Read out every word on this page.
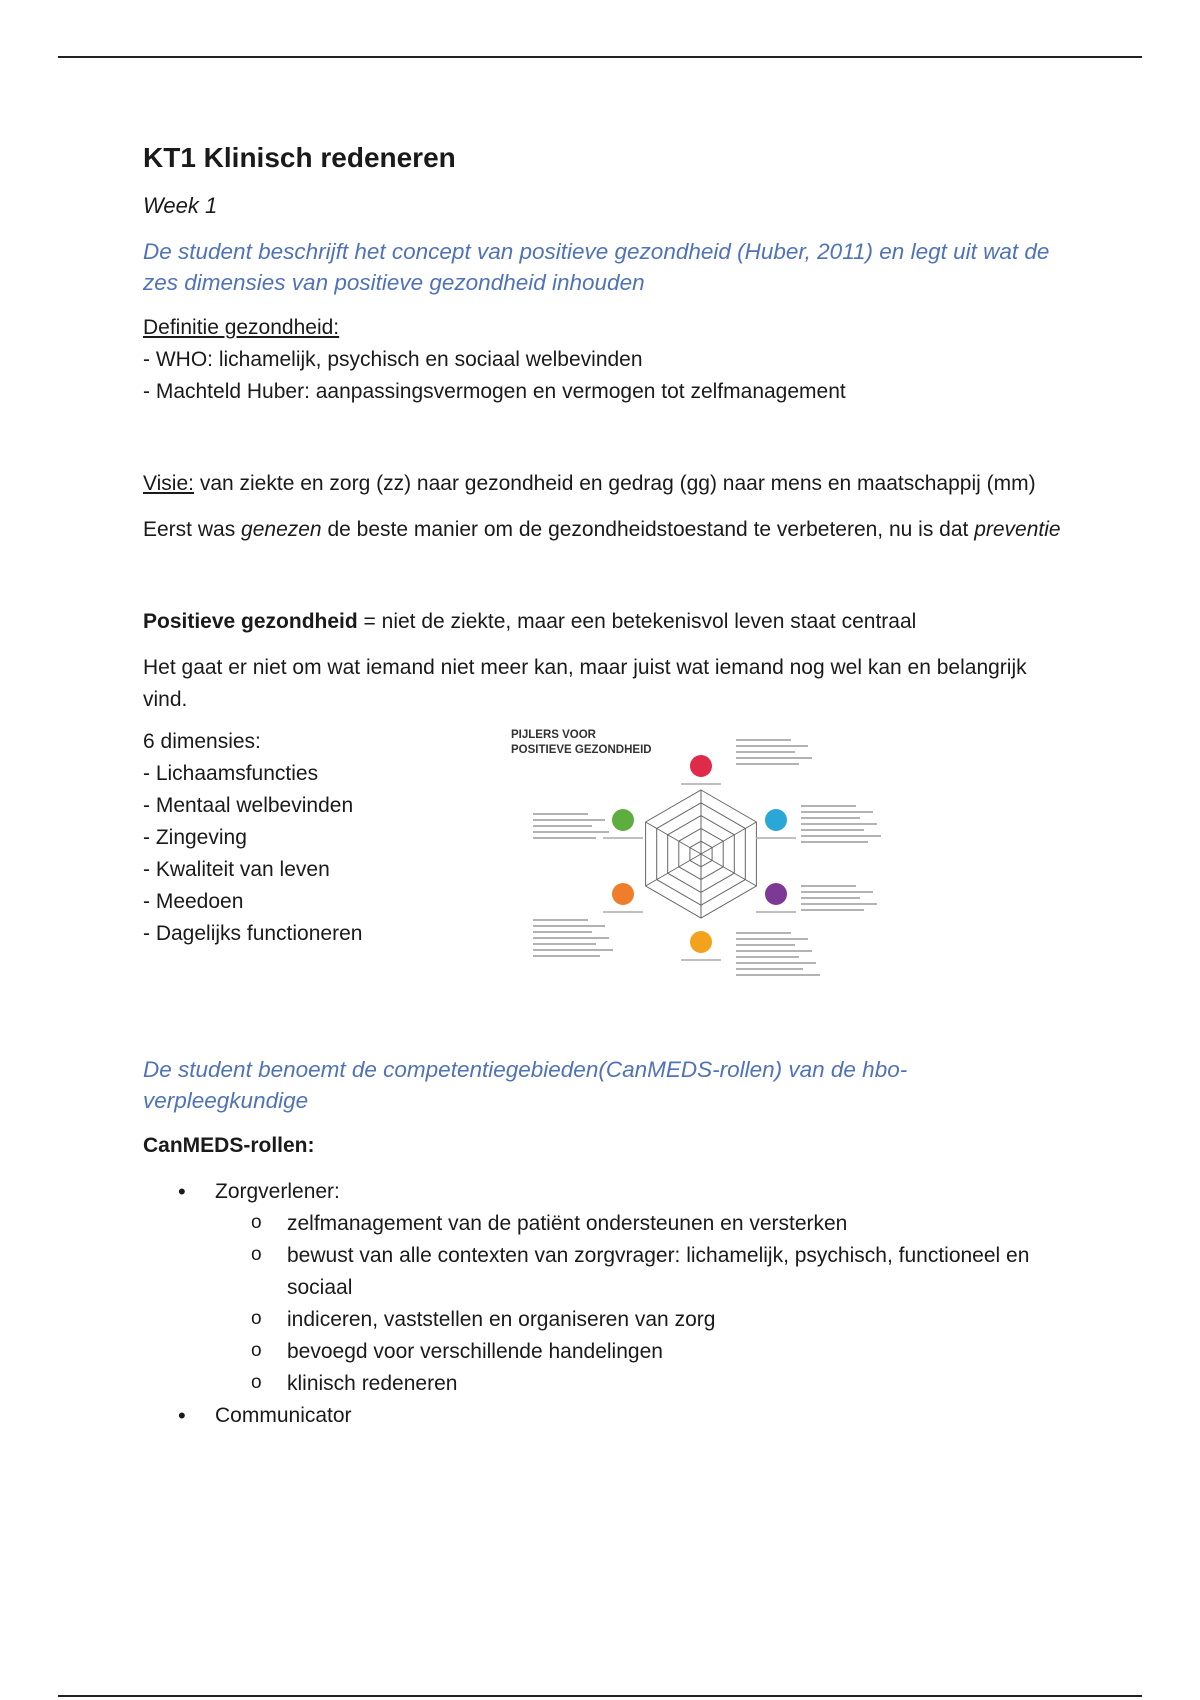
KT1 Klinisch redeneren

Week 1

De student beschrijft het concept van positieve gezondheid (Huber, 2011) en legt uit wat de zes dimensies van positieve gezondheid inhouden

Definitie gezondheid:

- WHO: lichamelijk, psychisch en sociaal welbevinden

- Machteld Huber: aanpassingsvermogen en vermogen tot zelfmanagement

Visie: van ziekte en zorg (zz) naar gezondheid en gedrag (gg) naar mens en maatschappij (mm)

Eerst was genezen de beste manier om de gezondheidstoestand te verbeteren, nu is dat preventie

Positieve gezondheid = niet de ziekte, maar een betekenisvol leven staat centraal

Het gaat er niet om wat iemand niet meer kan, maar juist wat iemand nog wel kan en belangrijk vind.

6 dimensies:

- Lichaamsfuncties

- Mentaal welbevinden

- Zingeving

- Kwaliteit van leven

- Meedoen

- Dagelijks functioneren

PIJLERS VOOR
POSITIEVE GEZONDHEID

De student benoemt de competentiegebieden(CanMEDS-rollen) van de hbo-verpleegkundige

CanMEDS-rollen:

• Zorgverlener:
o zelfmanagement van de patiënt ondersteunen en versterken
o bewust van alle contexten van zorgvrager: lichamelijk, psychisch, functioneel en sociaal
o indiceren, vaststellen en organiseren van zorg
o bevoegd voor verschillende handelingen
o klinisch redeneren
• Communicator
